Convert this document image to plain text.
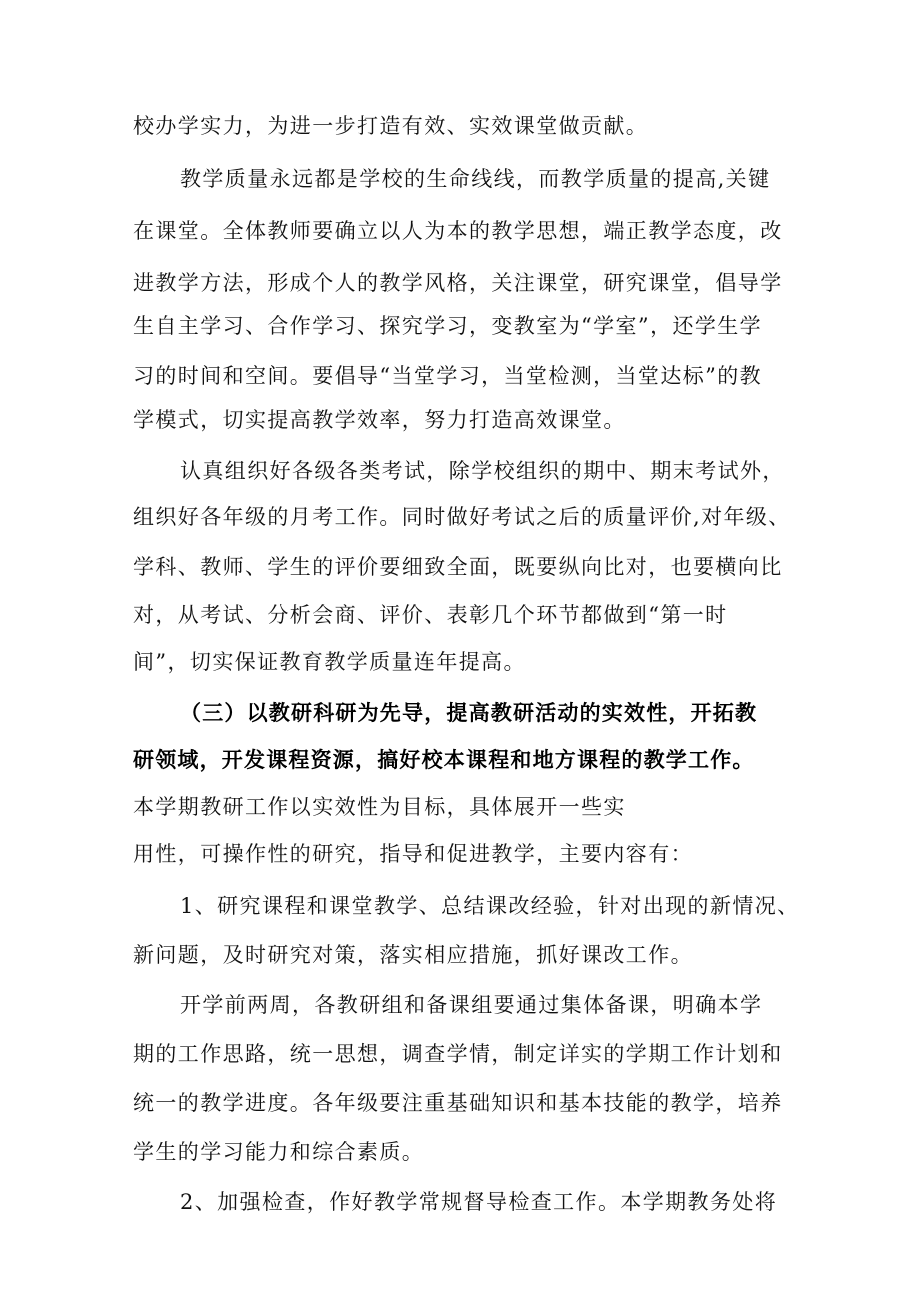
校办学实力，为进一步打造有效、实效课堂做贡献。
教学质量永远都是学校的生命线线，而教学质量的提高,关键
在课堂。全体教师要确立以人为本的教学思想，端正教学态度，改
进教学方法，形成个人的教学风格，关注课堂，研究课堂，倡导学
生自主学习、合作学习、探究学习，变教室为“学室”，还学生学
习的时间和空间。要倡导“当堂学习，当堂检测，当堂达标”的教
学模式，切实提高教学效率，努力打造高效课堂。
认真组织好各级各类考试，除学校组织的期中、期末考试外，
组织好各年级的月考工作。同时做好考试之后的质量评价,对年级、
学科、教师、学生的评价要细致全面，既要纵向比对，也要横向比
对，从考试、分析会商、评价、表彰几个环节都做到“第一时
间”，切实保证教育教学质量连年提高。
（三）以教研科研为先导，提高教研活动的实效性，开拓教
研领域，开发课程资源，搞好校本课程和地方课程的教学工作。
本学期教研工作以实效性为目标，具体展开一些实
用性，可操作性的研究，指导和促进教学，主要内容有：
1、研究课程和课堂教学、总结课改经验，针对出现的新情况、
新问题，及时研究对策，落实相应措施，抓好课改工作。
开学前两周，各教研组和备课组要通过集体备课，明确本学
期的工作思路，统一思想，调查学情，制定详实的学期工作计划和
统一的教学进度。各年级要注重基础知识和基本技能的教学，培养
学生的学习能力和综合素质。
2、加强检查，作好教学常规督导检查工作。本学期教务处将
